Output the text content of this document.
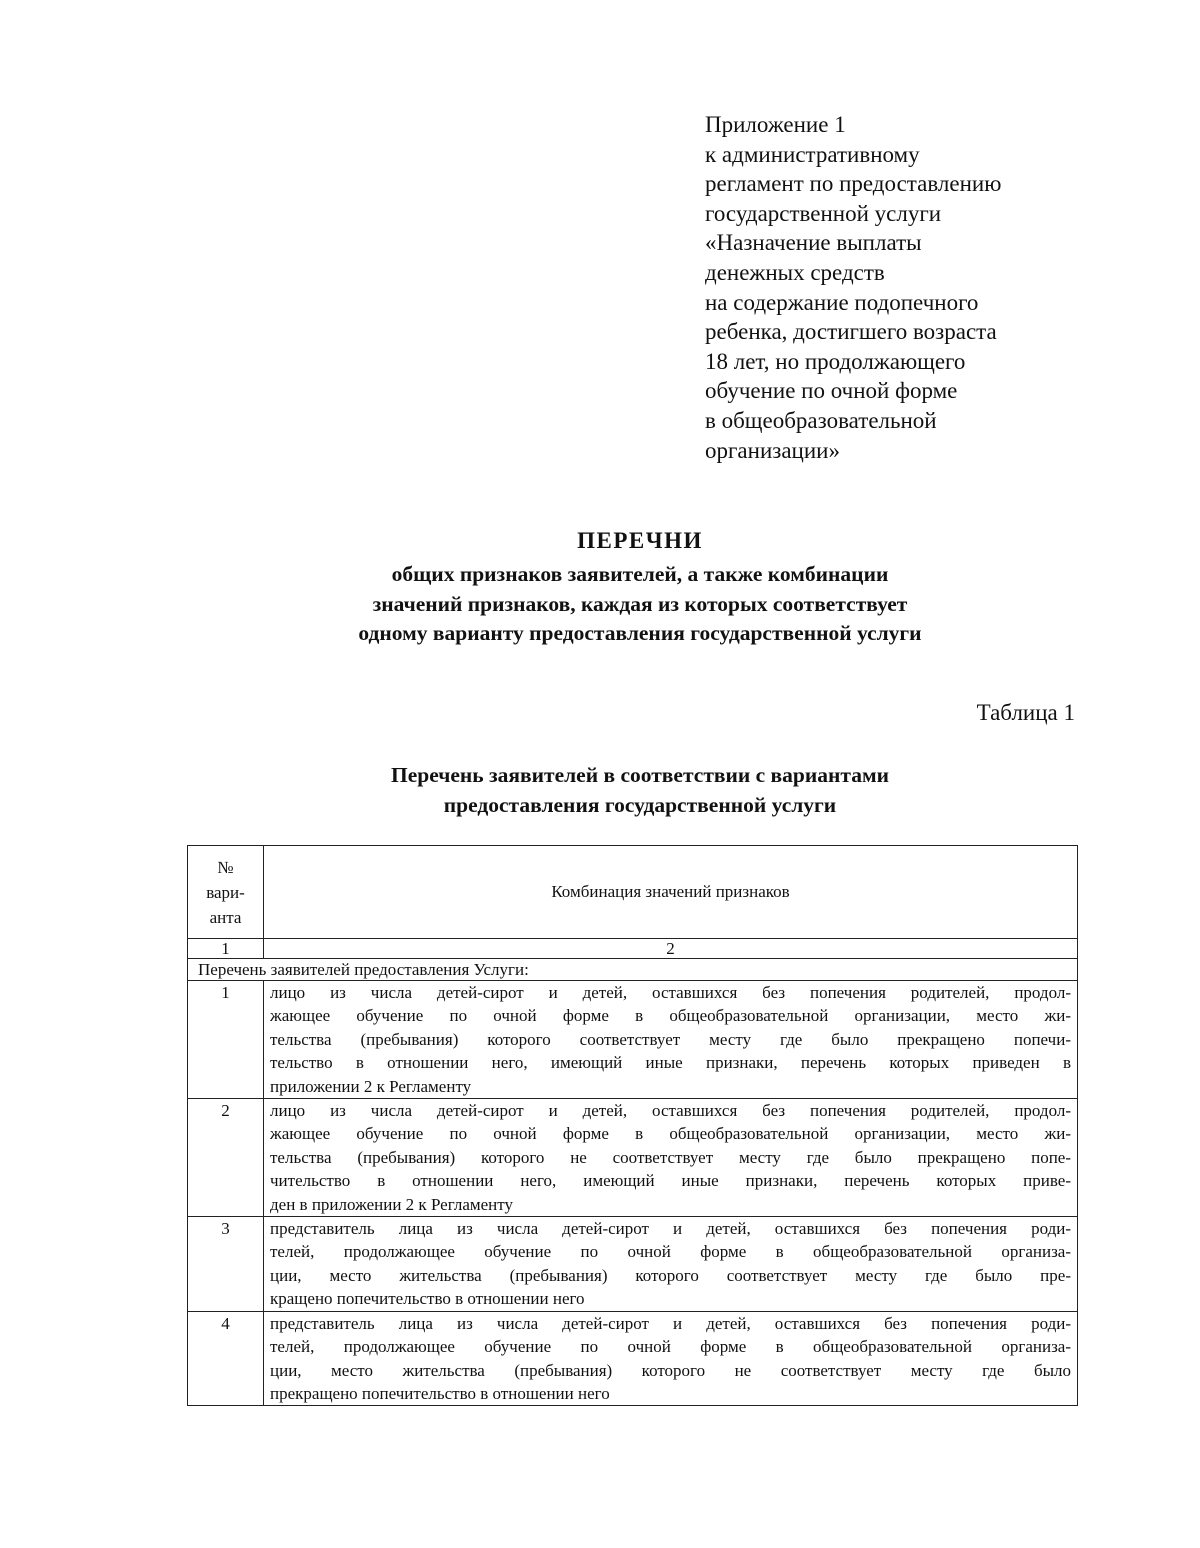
Приложение 1
к административному
регламент по предоставлению
государственной услуги
«Назначение выплаты
денежных средств
на содержание подопечного
ребенка, достигшего возраста
18 лет, но продолжающего
обучение по очной форме
в общеобразовательной
организации»
ПЕРЕЧНИ
общих признаков заявителей, а также комбинации
значений признаков, каждая из которых соответствует
одному варианту предоставления государственной услуги
Таблица 1
Перечень заявителей в соответствии с вариантами
предоставления государственной услуги
№
вари-
анта	Комбинация значений признаков
1	2
Перечень заявителей предоставления Услуги:	
1	лицо из числа детей-сирот и детей, оставшихся без попечения родителей, продол-
жающее обучение по очной форме в общеобразовательной организации, место жи-
тельства (пребывания) которого соответствует месту где было прекращено попечи-
тельство в отношении него, имеющий иные признаки, перечень которых приведен в
приложении 2 к Регламенту

2	лицо из числа детей-сирот и детей, оставшихся без попечения родителей, продол-
жающее обучение по очной форме в общеобразовательной организации, место жи-
тельства (пребывания) которого не соответствует месту где было прекращено попе-
чительство в отношении него, имеющий иные признаки, перечень которых приве-
ден в приложении 2 к Регламенту

3	представитель лица из числа детей-сирот и детей, оставшихся без попечения роди-
телей, продолжающее обучение по очной форме в общеобразовательной организа-
ции, место жительства (пребывания) которого соответствует месту где было пре-
кращено попечительство в отношении него

4	представитель лица из числа детей-сирот и детей, оставшихся без попечения роди-
телей, продолжающее обучение по очной форме в общеобразовательной организа-
ции, место жительства (пребывания) которого не соответствует месту где было
прекращено попечительство в отношении него
